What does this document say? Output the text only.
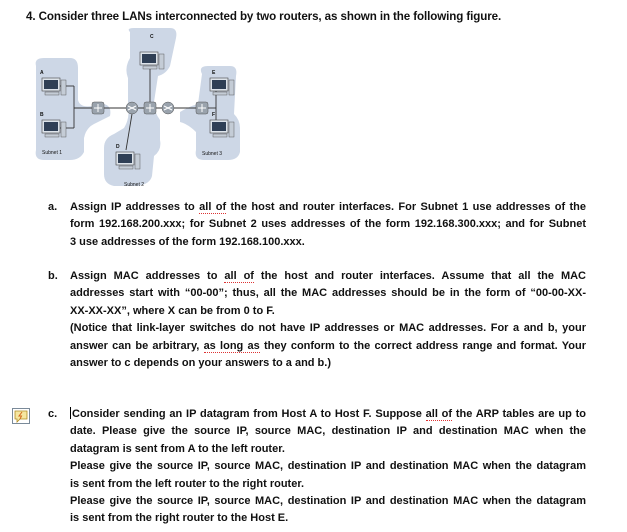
4. Consider three LANs interconnected by two routers, as shown in the following figure.
A
B
C
D
E
F
Subnet 1
Subnet 2
Subnet 3
a. Assign IP addresses to all of the host and router interfaces. For Subnet 1 use addresses of the
form 192.168.200.xxx; for Subnet 2 uses addresses of the form 192.168.300.xxx; and for Subnet
3 use addresses of the form 192.168.100.xxx.
b. Assign MAC addresses to all of the host and router interfaces. Assume that all the MAC
addresses start with “00-00”; thus, all the MAC addresses should be in the form of “00-00-XX-
XX-XX-XX”, where X can be from 0 to F.
(Notice that link-layer switches do not have IP addresses or MAC addresses. For a and b, your
answer can be arbitrary, as long as they conform to the correct address range and format. Your
answer to c depends on your answers to a and b.)
c. Consider sending an IP datagram from Host A to Host F. Suppose all of the ARP tables are up to
date. Please give the source IP, source MAC, destination IP and destination MAC when the
datagram is sent from A to the left router.
Please give the source IP, source MAC, destination IP and destination MAC when the datagram
is sent from the left router to the right router.
Please give the source IP, source MAC, destination IP and destination MAC when the datagram
is sent from the right router to the Host E.
